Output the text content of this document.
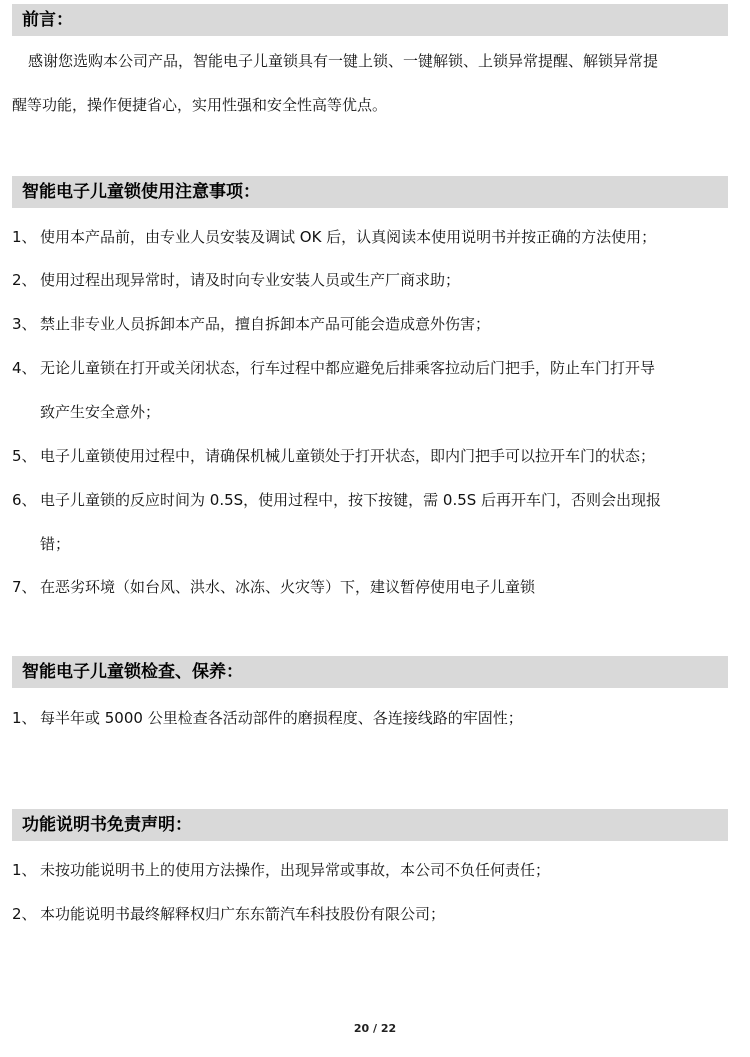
前言：
感谢您选购本公司产品，智能电子儿童锁具有一键上锁、一键解锁、上锁异常提醒、解锁异常提
醒等功能，操作便捷省心，实用性强和安全性高等优点。
智能电子儿童锁使用注意事项：
1、 使用本产品前，由专业人员安装及调试 OK 后，认真阅读本使用说明书并按正确的方法使用；
2、 使用过程出现异常时，请及时向专业安装人员或生产厂商求助；
3、 禁止非专业人员拆卸本产品，擅自拆卸本产品可能会造成意外伤害；
4、 无论儿童锁在打开或关闭状态，行车过程中都应避免后排乘客拉动后门把手，防止车门打开导
致产生安全意外；
5、 电子儿童锁使用过程中，请确保机械儿童锁处于打开状态，即内门把手可以拉开车门的状态；
6、 电子儿童锁的反应时间为 0.5S，使用过程中，按下按键，需 0.5S 后再开车门，否则会出现报
错；
7、 在恶劣环境（如台风、洪水、冰冻、火灾等）下，建议暂停使用电子儿童锁
智能电子儿童锁检查、保养：
1、 每半年或 5000 公里检查各活动部件的磨损程度、各连接线路的牢固性；
功能说明书免责声明：
1、 未按功能说明书上的使用方法操作，出现异常或事故，本公司不负任何责任；
2、 本功能说明书最终解释权归广东东箭汽车科技股份有限公司；
20 / 22
